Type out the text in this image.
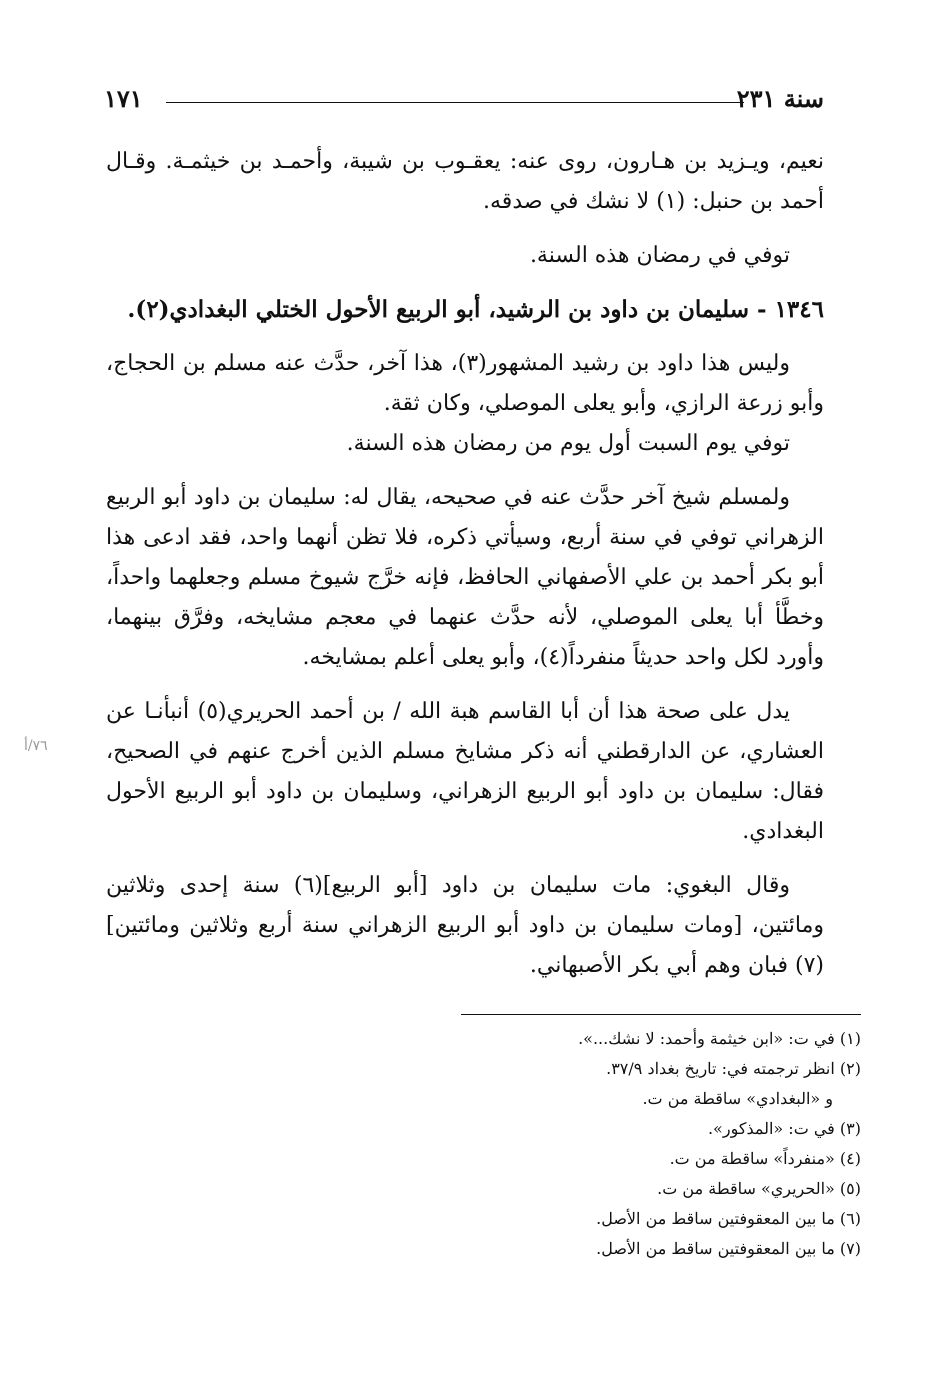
سنة ٢٣١
١٧١

نعيم، ويـزيد بن هـارون، روى عنه: يعقـوب بن شيبة، وأحمـد بن خيثمـة. وقـال أحمد بن حنبل: (١) لا نشك في صدقه.

توفي في رمضان هذه السنة.

١٣٤٦ - سليمان بن داود بن الرشيد، أبو الربيع الأحول الختلي البغدادي(٢).

وليس هذا داود بن رشيد المشهور(٣)، هذا آخر، حدَّث عنه مسلم بن الحجاج، وأبو زرعة الرازي، وأبو يعلى الموصلي، وكان ثقة.

توفي يوم السبت أول يوم من رمضان هذه السنة.

ولمسلم شيخ آخر حدَّث عنه في صحيحه، يقال له: سليمان بن داود أبو الربيع الزهراني توفي في سنة أربع، وسيأتي ذكره، فلا تظن أنهما واحد، فقد ادعى هذا أبو بكر أحمد بن علي الأصفهاني الحافظ، فإنه خرَّج شيوخ مسلم وجعلهما واحداً، وخطَّأ أبا يعلى الموصلي، لأنه حدَّث عنهما في معجم مشايخه، وفرَّق بينهما، وأورد لكل واحد حديثاً منفرداً(٤)، وأبو يعلى أعلم بمشايخه.

يدل على صحة هذا أن أبا القاسم هبة الله / بن أحمد الحريري(٥) أنبأنـا عن العشاري، عن الدارقطني أنه ذكر مشايخ مسلم الذين أخرج عنهم في الصحيح، فقال: سليمان بن داود أبو الربيع الزهراني، وسليمان بن داود أبو الربيع الأحول البغدادي.

وقال البغوي: مات سليمان بن داود [أبو الربيع](٦) سنة إحدى وثلاثين ومائتين، [ومات سليمان بن داود أبو الربيع الزهراني سنة أربع وثلاثين ومائتين](٧) فبان وهم أبي بكر الأصبهاني.

٧٦/أ

(١) في ت: «ابن خيثمة وأحمد: لا نشك...».

(٢) انظر ترجمته في: تاريخ بغداد ٣٧/٩.

و «البغدادي» ساقطة من ت.

(٣) في ت: «المذكور».

(٤) «منفرداً» ساقطة من ت.

(٥) «الحريري» ساقطة من ت.

(٦) ما بين المعقوفتين ساقط من الأصل.

(٧) ما بين المعقوفتين ساقط من الأصل.
